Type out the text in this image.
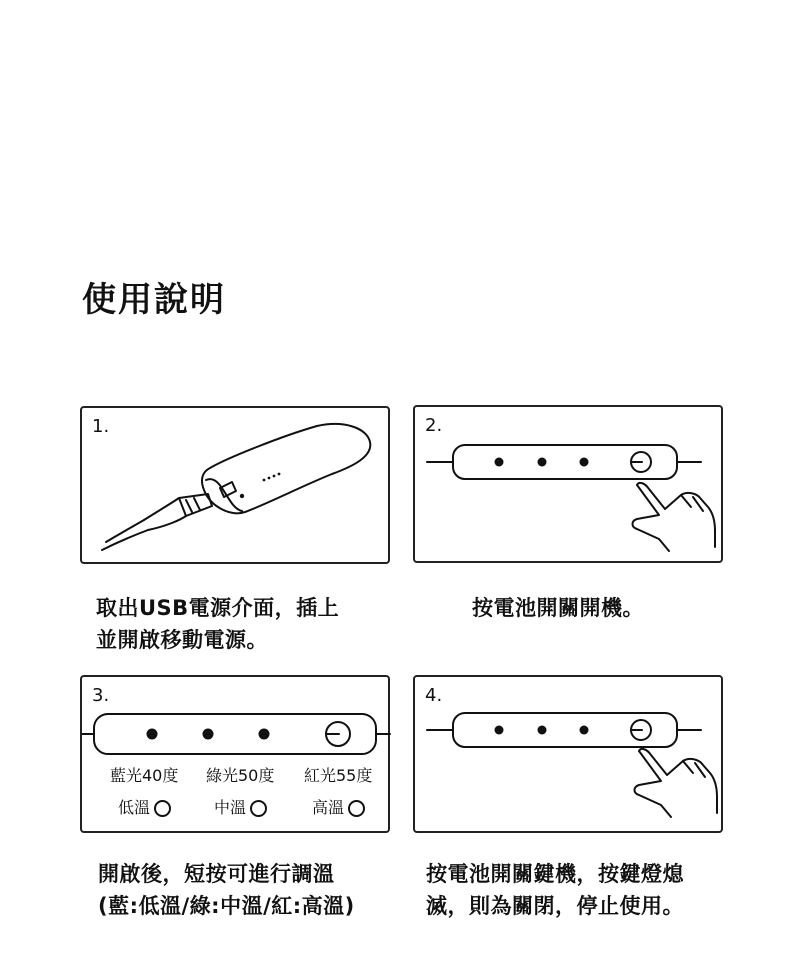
使用說明
1.	2.
取出USB電源介面，插上
並開啟移動電源。
按電池開關開機。
3.
藍光40度 綠光50度 紅光55度
低溫	中溫	高溫
4.
開啟後，短按可進行調溫
(藍:低溫/綠:中溫/紅:高溫)
按電池開關鍵機，按鍵燈熄
滅，則為關閉，停止使用。
